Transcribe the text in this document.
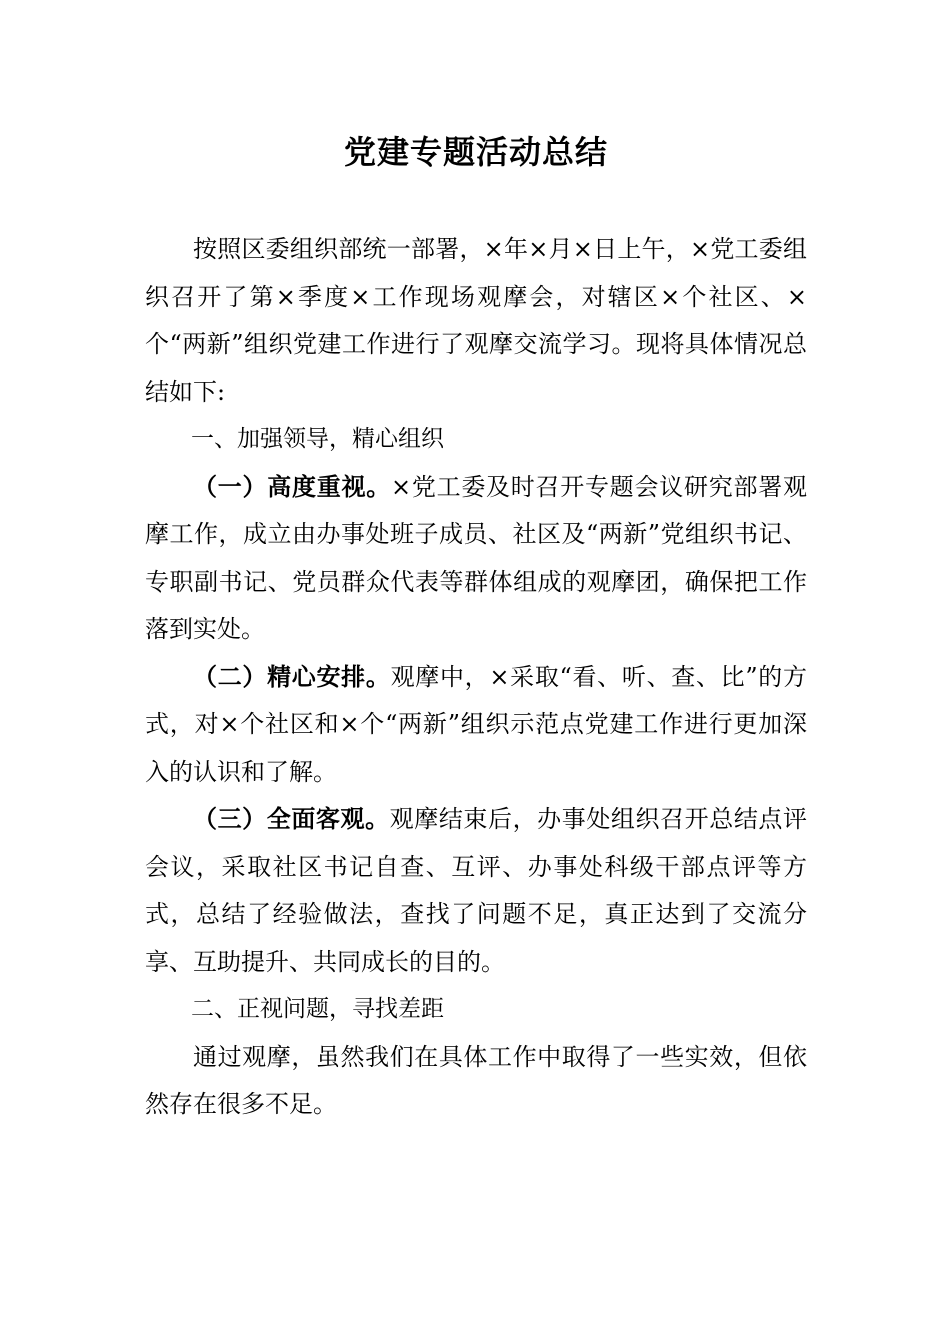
党建专题活动总结

按照区委组织部统一部署，×年×月×日上午，×党工委组织召开了第×季度×工作现场观摩会，对辖区×个社区、×个“两新”组织党建工作进行了观摩交流学习。现将具体情况总结如下:

一、加强领导，精心组织

（一）高度重视。×党工委及时召开专题会议研究部署观摩工作，成立由办事处班子成员、社区及“两新”党组织书记、专职副书记、党员群众代表等群体组成的观摩团，确保把工作落到实处。

（二）精心安排。观摩中，×采取“看、听、查、比”的方式，对×个社区和×个“两新”组织示范点党建工作进行更加深入的认识和了解。

（三）全面客观。观摩结束后，办事处组织召开总结点评会议，采取社区书记自查、互评、办事处科级干部点评等方式，总结了经验做法，查找了问题不足，真正达到了交流分享、互助提升、共同成长的目的。

二、正视问题，寻找差距

通过观摩，虽然我们在具体工作中取得了一些实效，但依然存在很多不足。
